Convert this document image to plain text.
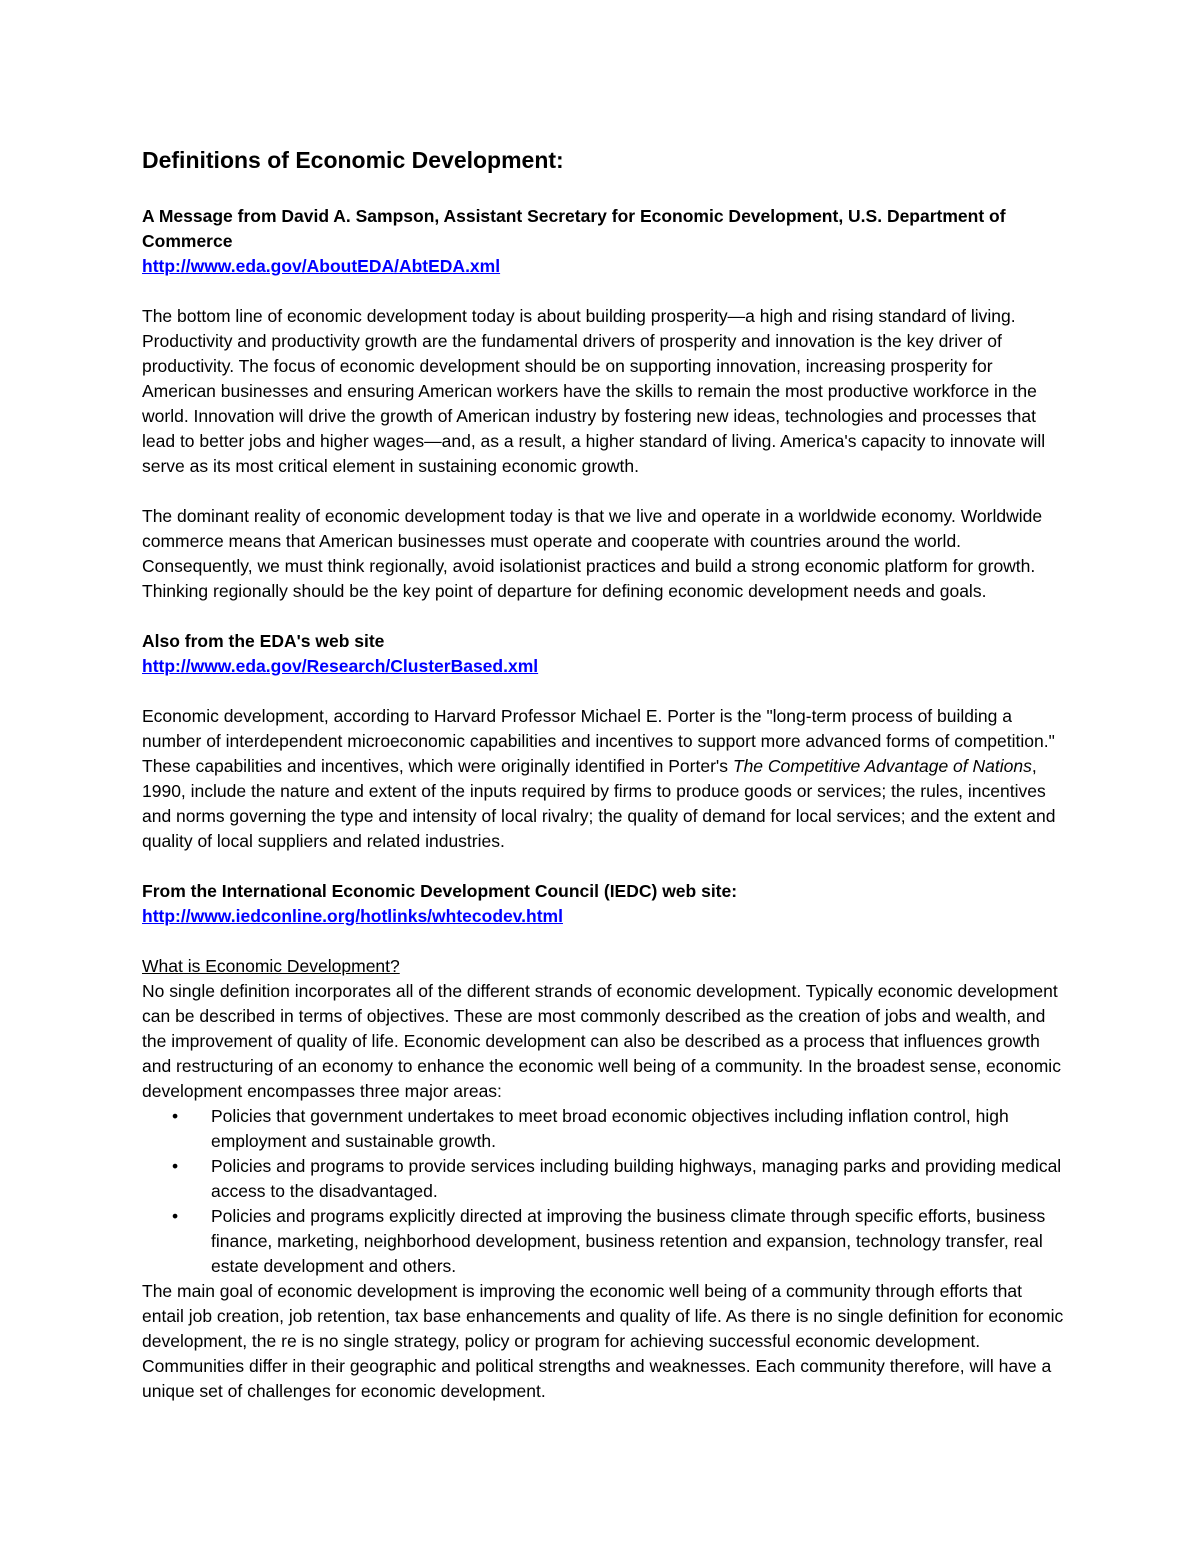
Definitions of Economic Development:

A Message from David A. Sampson, Assistant Secretary for Economic Development, U.S. Department of Commerce

http://www.eda.gov/AboutEDA/AbtEDA.xml

The bottom line of economic development today is about building prosperity—a high and rising standard of living. Productivity and productivity growth are the fundamental drivers of prosperity and innovation is the key driver of productivity. The focus of economic development should be on supporting innovation, increasing prosperity for American businesses and ensuring American workers have the skills to remain the most productive workforce in the world. Innovation will drive the growth of American industry by fostering new ideas, technologies and processes that lead to better jobs and higher wages—and, as a result, a higher standard of living. America's capacity to innovate will serve as its most critical element in sustaining economic growth.

The dominant reality of economic development today is that we live and operate in a worldwide economy. Worldwide commerce means that American businesses must operate and cooperate with countries around the world. Consequently, we must think regionally, avoid isolationist practices and build a strong economic platform for growth. Thinking regionally should be the key point of departure for defining economic development needs and goals.

Also from the EDA's web site

http://www.eda.gov/Research/ClusterBased.xml

Economic development, according to Harvard Professor Michael E. Porter is the "long-term process of building a number of interdependent microeconomic capabilities and incentives to support more advanced forms of competition." These capabilities and incentives, which were originally identified in Porter's The Competitive Advantage of Nations, 1990, include the nature and extent of the inputs required by firms to produce goods or services; the rules, incentives and norms governing the type and intensity of local rivalry; the quality of demand for local services; and the extent and quality of local suppliers and related industries.

From the International Economic Development Council (IEDC) web site:

http://www.iedconline.org/hotlinks/whtecodev.html

What is Economic Development?

No single definition incorporates all of the different strands of economic development. Typically economic development can be described in terms of objectives. These are most commonly described as the creation of jobs and wealth, and the improvement of quality of life. Economic development can also be described as a process that influences growth and restructuring of an economy to enhance the economic well being of a community. In the broadest sense, economic development encompasses three major areas:

• Policies that government undertakes to meet broad economic objectives including inflation control, high employment and sustainable growth.
• Policies and programs to provide services including building highways, managing parks and providing medical access to the disadvantaged.
• Policies and programs explicitly directed at improving the business climate through specific efforts, business finance, marketing, neighborhood development, business retention and expansion, technology transfer, real estate development and others.

The main goal of economic development is improving the economic well being of a community through efforts that entail job creation, job retention, tax base enhancements and quality of life. As there is no single definition for economic development, the re is no single strategy, policy or program for achieving successful economic development. Communities differ in their geographic and political strengths and weaknesses. Each community therefore, will have a unique set of challenges for economic development.
